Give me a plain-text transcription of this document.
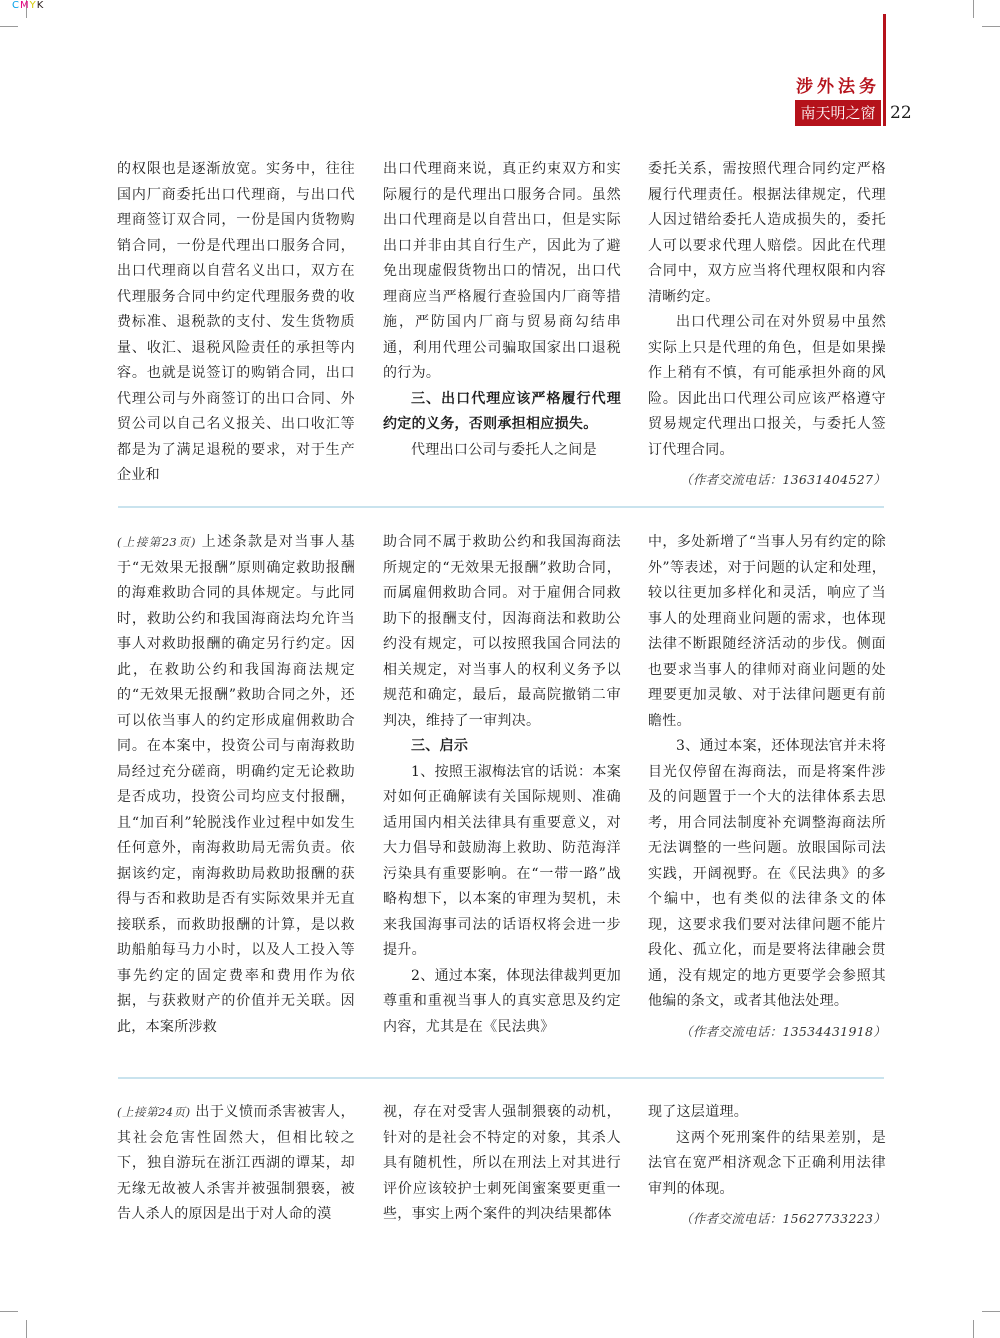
CMYK
涉外法务
南天明之窗 22

的权限也是逐渐放宽。实务中，往往国内厂商委托出口代理商，与出口代理商签订双合同，一份是国内货物购销合同，一份是代理出口服务合同，出口代理商以自营名义出口，双方在代理服务合同中约定代理服务费的收费标准、退税款的支付、发生货物质量、收汇、退税风险责任的承担等内容。也就是说签订的购销合同，出口代理公司与外商签订的出口合同、外贸公司以自己名义报关、出口收汇等都是为了满足退税的要求，对于生产企业和

出口代理商来说，真正约束双方和实际履行的是代理出口服务合同。虽然出口代理商是以自营出口，但是实际出口并非由其自行生产，因此为了避免出现虚假货物出口的情况，出口代理商应当严格履行查验国内厂商等措施，严防国内厂商与贸易商勾结串通，利用代理公司骗取国家出口退税的行为。

三、出口代理应该严格履行代理约定的义务，否则承担相应损失。

代理出口公司与委托人之间是

委托关系，需按照代理合同约定严格履行代理责任。根据法律规定，代理人因过错给委托人造成损失的，委托人可以要求代理人赔偿。因此在代理合同中，双方应当将代理权限和内容清晰约定。

出口代理公司在对外贸易中虽然实际上只是代理的角色，但是如果操作上稍有不慎，有可能承担外商的风险。因此出口代理公司应该严格遵守贸易规定代理出口报关，与委托人签订代理合同。

（作者交流电话：13631404527）

(上接第23页) 上述条款是对当事人基于“无效果无报酬”原则确定救助报酬的海难救助合同的具体规定。与此同时，救助公约和我国海商法均允许当事人对救助报酬的确定另行约定。因此，在救助公约和我国海商法规定的“无效果无报酬”救助合同之外，还可以依当事人的约定形成雇佣救助合同。在本案中，投资公司与南海救助局经过充分磋商，明确约定无论救助是否成功，投资公司均应支付报酬，且“加百利”轮脱浅作业过程中如发生任何意外，南海救助局无需负责。依据该约定，南海救助局救助报酬的获得与否和救助是否有实际效果并无直接联系，而救助报酬的计算，是以救助船舶每马力小时，以及人工投入等事先约定的固定费率和费用作为依据，与获救财产的价值并无关联。因此，本案所涉救

助合同不属于救助公约和我国海商法所规定的“无效果无报酬”救助合同，而属雇佣救助合同。对于雇佣合同救助下的报酬支付，因海商法和救助公约没有规定，可以按照我国合同法的相关规定，对当事人的权利义务予以规范和确定，最后，最高院撤销二审判决，维持了一审判决。

三、启示

1、按照王淑梅法官的话说：本案对如何正确解读有关国际规则、准确适用国内相关法律具有重要意义，对大力倡导和鼓励海上救助、防范海洋污染具有重要影响。在“一带一路”战略构想下，以本案的审理为契机，未来我国海事司法的话语权将会进一步提升。

2、通过本案，体现法律裁判更加尊重和重视当事人的真实意思及约定内容，尤其是在《民法典》

中，多处新增了“当事人另有约定的除外”等表述，对于问题的认定和处理，较以往更加多样化和灵活，响应了当事人的处理商业问题的需求，也体现法律不断跟随经济活动的步伐。侧面也要求当事人的律师对商业问题的处理要更加灵敏、对于法律问题更有前瞻性。

3、通过本案，还体现法官并未将目光仅停留在海商法，而是将案件涉及的问题置于一个大的法律体系去思考，用合同法制度补充调整海商法所无法调整的一些问题。放眼国际司法实践，开阔视野。在《民法典》的多个编中，也有类似的法律条文的体现，这要求我们要对法律问题不能片段化、孤立化，而是要将法律融会贯通，没有规定的地方更要学会参照其他编的条文，或者其他法处理。

（作者交流电话：13534431918）

(上接第24页) 出于义愤而杀害被害人，其社会危害性固然大，但相比较之下，独自游玩在浙江西湖的谭某，却无缘无故被人杀害并被强制猥亵，被告人杀人的原因是出于对人命的漠

视，存在对受害人强制猥亵的动机，针对的是社会不特定的对象，其杀人具有随机性，所以在刑法上对其进行评价应该较护士刺死闺蜜案要更重一些，事实上两个案件的判决结果都体

现了这层道理。

这两个死刑案件的结果差别，是法官在宽严相济观念下正确利用法律审判的体现。

（作者交流电话：15627733223）
